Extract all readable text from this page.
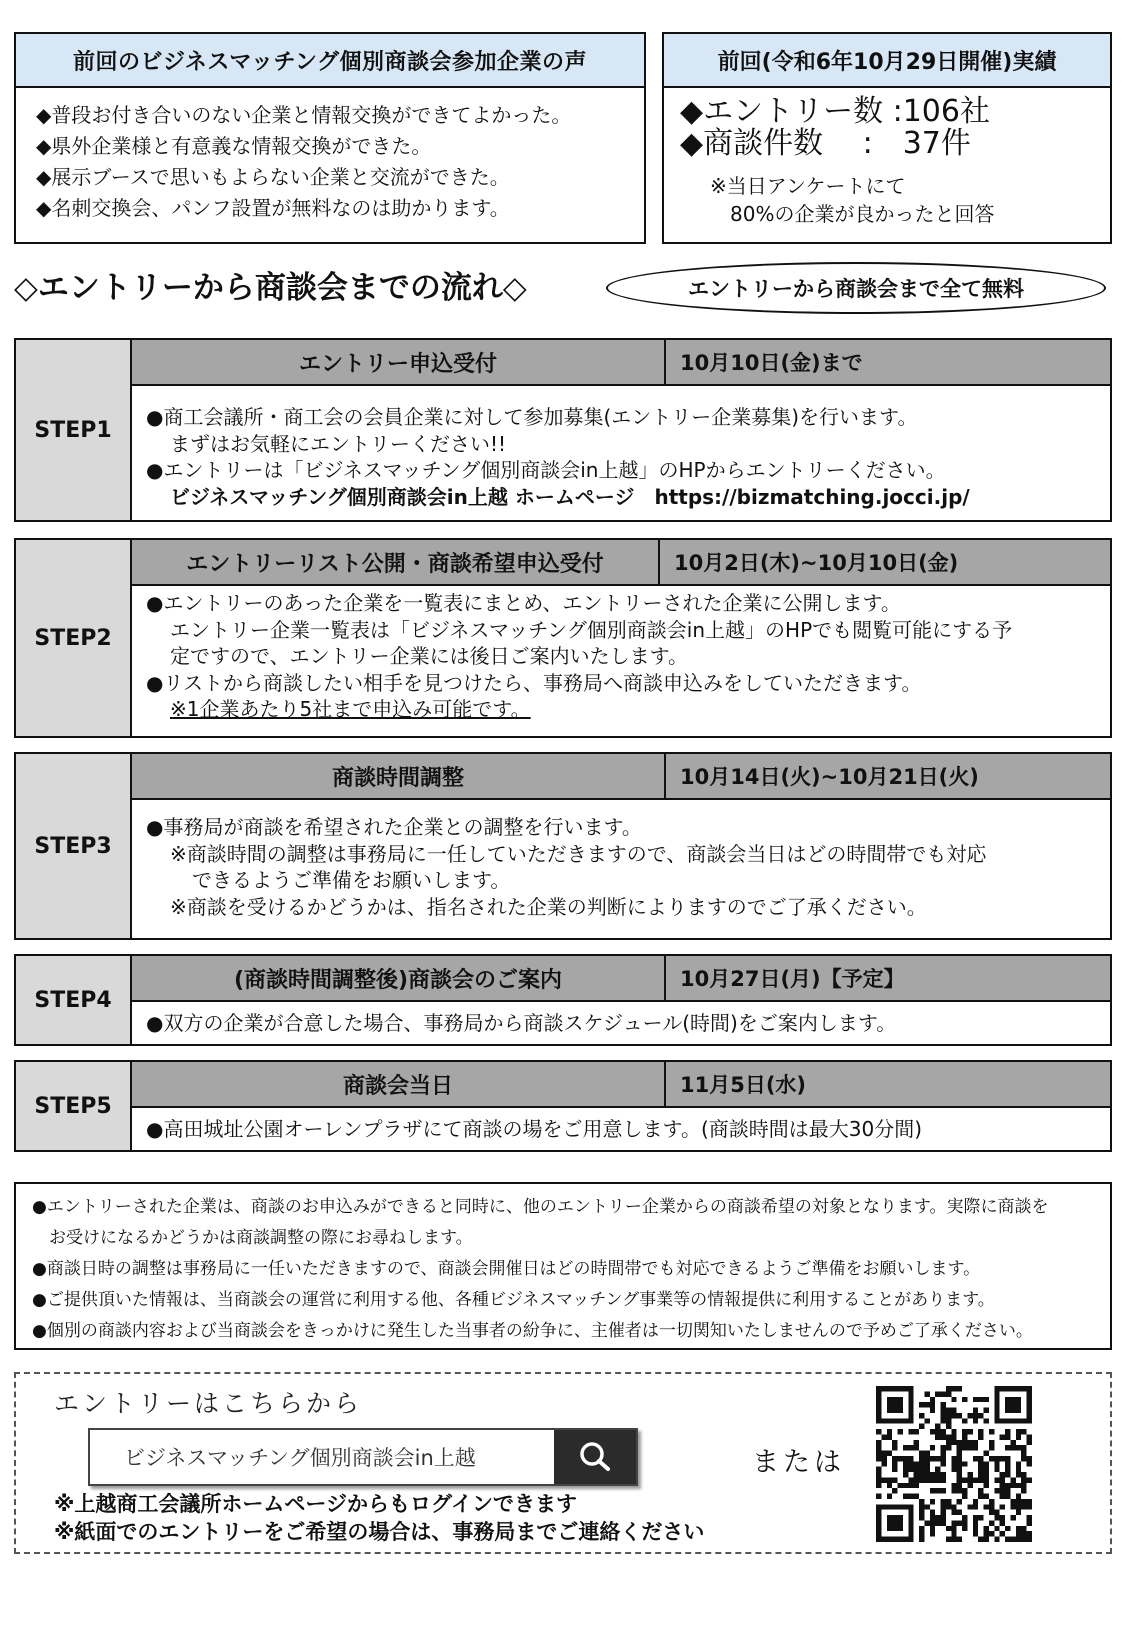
前回のビジネスマッチング個別商談会参加企業の声
◆普段お付き合いのない企業と情報交換ができてよかった。
◆県外企業様と有意義な情報交換ができた。
◆展示ブースで思いもよらない企業と交流ができた。
◆名刺交換会、パンフ設置が無料なのは助かります。
前回(令和6年10月29日開催)実績
◆エントリー数 :106社
◆商談件数　 :　37件
※当日アンケートにて
　80%の企業が良かったと回答
◇エントリーから商談会までの流れ◇	エントリーから商談会まで全て無料
STEP1
エントリー申込受付	10月10日(金)まで
●商工会議所・商工会の会員企業に対して参加募集(エントリー企業募集)を行います。
まずはお気軽にエントリーください!!
●エントリーは「ビジネスマッチング個別商談会in上越」のHPからエントリーください。
ビジネスマッチング個別商談会in上越 ホームページ　https://bizmatching.jocci.jp/
STEP2
エントリーリスト公開・商談希望申込受付	10月2日(木)~10月10日(金)
●エントリーのあった企業を一覧表にまとめ、エントリーされた企業に公開します。
エントリー企業一覧表は「ビジネスマッチング個別商談会in上越」のHPでも閲覧可能にする予
定ですので、エントリー企業には後日ご案内いたします。
●リストから商談したい相手を見つけたら、事務局へ商談申込みをしていただきます。
※1企業あたり5社まで申込み可能です。
STEP3
商談時間調整	10月14日(火)~10月21日(火)
●事務局が商談を希望された企業との調整を行います。
※商談時間の調整は事務局に一任していただきますので、商談会当日はどの時間帯でも対応
できるようご準備をお願いします。
※商談を受けるかどうかは、指名された企業の判断によりますのでご了承ください。
STEP4
(商談時間調整後)商談会のご案内	10月27日(月)【予定】
●双方の企業が合意した場合、事務局から商談スケジュール(時間)をご案内します。
STEP5
商談会当日	11月5日(水)
●高田城址公園オーレンプラザにて商談の場をご用意します。(商談時間は最大30分間)
●エントリーされた企業は、商談のお申込みができると同時に、他のエントリー企業からの商談希望の対象となります。実際に商談を
　お受けになるかどうかは商談調整の際にお尋ねします。
●商談日時の調整は事務局に一任いただきますので、商談会開催日はどの時間帯でも対応できるようご準備をお願いします。
●ご提供頂いた情報は、当商談会の運営に利用する他、各種ビジネスマッチング事業等の情報提供に利用することがあります。
●個別の商談内容および当商談会をきっかけに発生した当事者の紛争に、主催者は一切関知いたしませんので予めご了承ください。
エントリーはこちらから
ビジネスマッチング個別商談会in上越	または
※上越商工会議所ホームページからもログインできます
※紙面でのエントリーをご希望の場合は、事務局までご連絡ください
